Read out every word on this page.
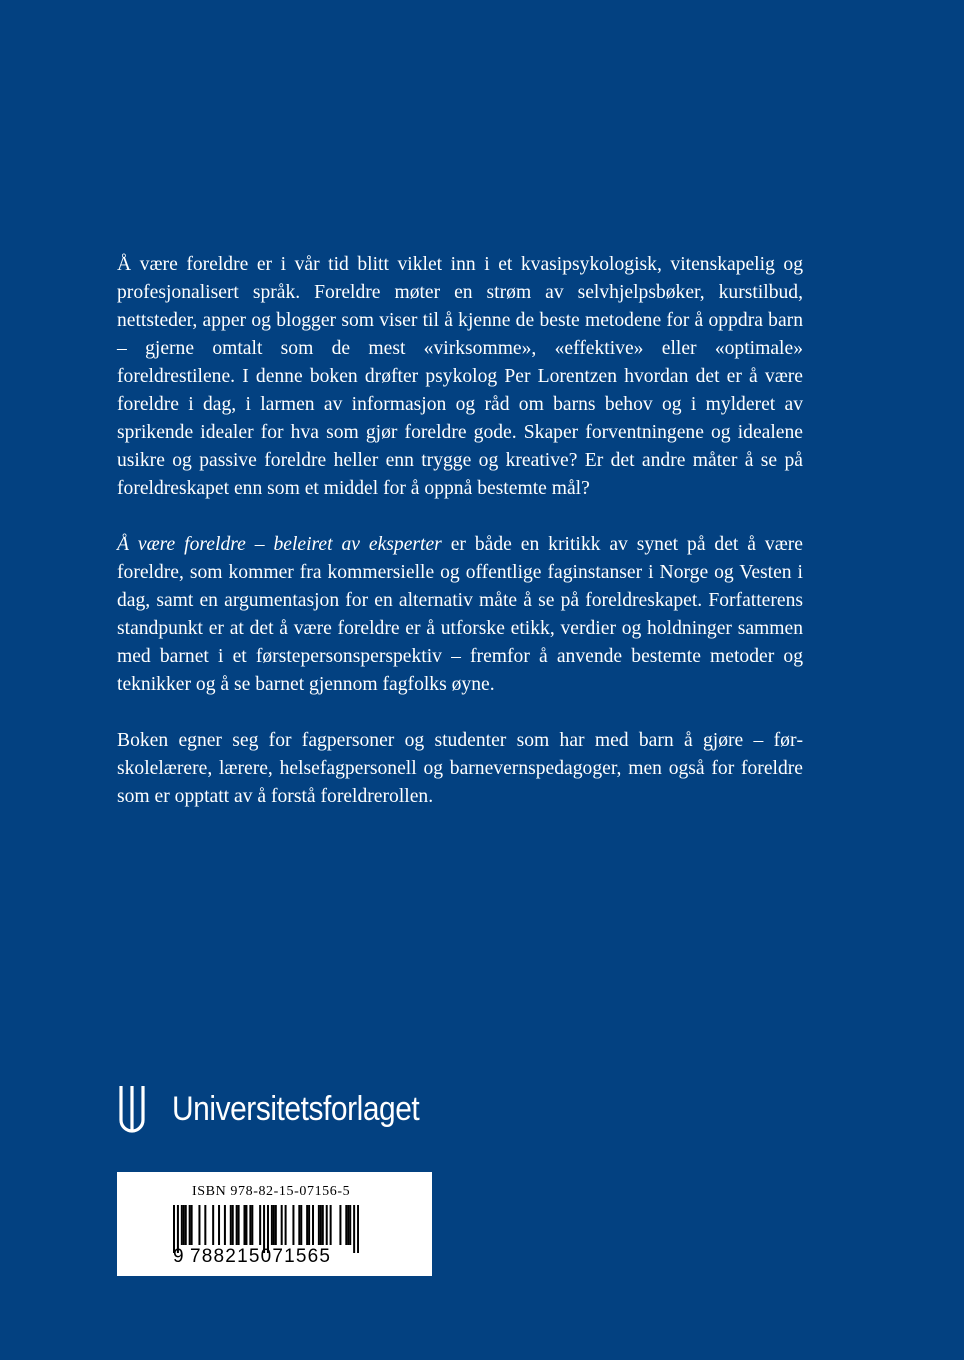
Å være foreldre er i vår tid blitt viklet inn i et kvasipsykologisk, vitenskapelig og profesjonalisert språk. Foreldre møter en strøm av selvhjelpsbøker, kurstilbud, nettsteder, apper og blogger som viser til å kjenne de beste metodene for å oppdra barn – gjerne omtalt som de mest «virksomme», «effektive» eller «optimale» foreldrestilene. I denne boken drøfter psykolog Per Lorentzen hvordan det er å være foreldre i dag, i larmen av informasjon og råd om barns behov og i mylderet av sprikende idealer for hva som gjør foreldre gode. Skaper forventningene og idealene usikre og passive foreldre heller enn trygge og kreative? Er det andre måter å se på foreldreskapet enn som et middel for å oppnå bestemte mål?

Å være foreldre – beleiret av eksperter er både en kritikk av synet på det å være foreldre, som kommer fra kommersielle og offentlige faginstanser i Norge og Vesten i dag, samt en argumentasjon for en alternativ måte å se på foreldreskapet. Forfatterens standpunkt er at det å være foreldre er å utforske etikk, verdier og holdninger sammen med barnet i et førstepersonsperspektiv – fremfor å anvende bestemte metoder og teknikker og å se barnet gjennom fagfolks øyne.

Boken egner seg for fagpersoner og studenter som har med barn å gjøre – førskolelærere, lærere, helsefagpersonell og barnevernspedagoger, men også for foreldre som er opptatt av å forstå foreldrerollen.

Universitetsforlaget
ISBN 978-82-15-07156-5
9 788215071565
